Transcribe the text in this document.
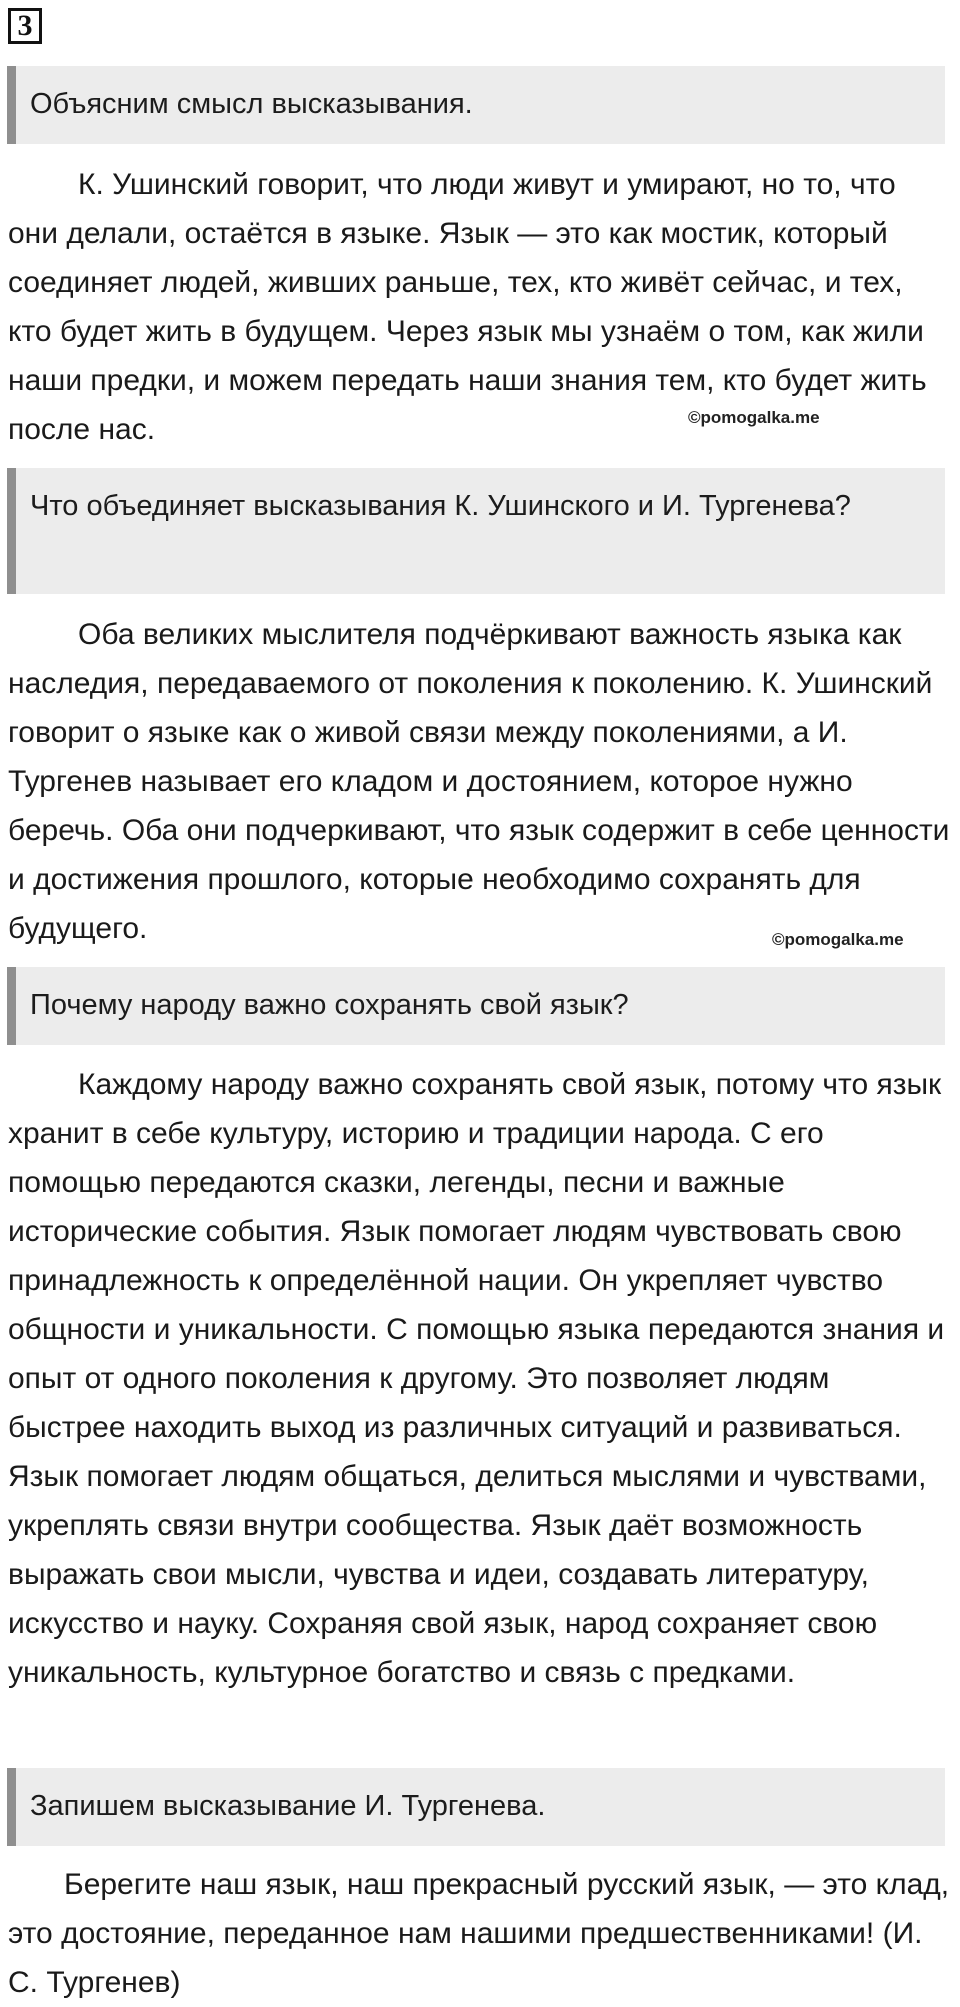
3
Объясним смысл высказывания.

К. Ушинский говорит, что люди живут и умирают, но то, что они делали, остаётся в языке. Язык — это как мостик, который соединяет людей, живших раньше, тех, кто живёт сейчас, и тех, кто будет жить в будущем. Через язык мы узнаём о том, как жили наши предки, и можем передать наши знания тем, кто будет жить после нас.	©pomogalka.me
Что объединяет высказывания К. Ушинского и И. Тургенева?

Оба великих мыслителя подчёркивают важность языка как наследия, передаваемого от поколения к поколению. К. Ушинский говорит о языке как о живой связи между поколениями, а И. Тургенев называет его кладом и достоянием, которое нужно беречь. Оба они подчеркивают, что язык содержит в себе ценности и достижения прошлого, которые необходимо сохранять для будущего.	©pomogalka.me
Почему народу важно сохранять свой язык?

Каждому народу важно сохранять свой язык, потому что язык хранит в себе культуру, историю и традиции народа. С его помощью передаются сказки, легенды, песни и важные исторические события. Язык помогает людям чувствовать свою принадлежность к определённой нации. Он укрепляет чувство общности и уникальности. С помощью языка передаются знания и опыт от одного поколения к другому. Это позволяет людям быстрее находить выход из различных ситуаций и развиваться. Язык помогает людям общаться, делиться мыслями и чувствами, укреплять связи внутри сообщества. Язык даёт возможность выражать свои мысли, чувства и идеи, создавать литературу, искусство и науку. Сохраняя свой язык, народ сохраняет свою уникальность, культурное богатство и связь с предками.

Запишем высказывание И. Тургенева.

Берегите наш язык, наш прекрасный русский язык, — это клад, это достояние, переданное нам нашими предшественниками! (И. С. Тургенев)
